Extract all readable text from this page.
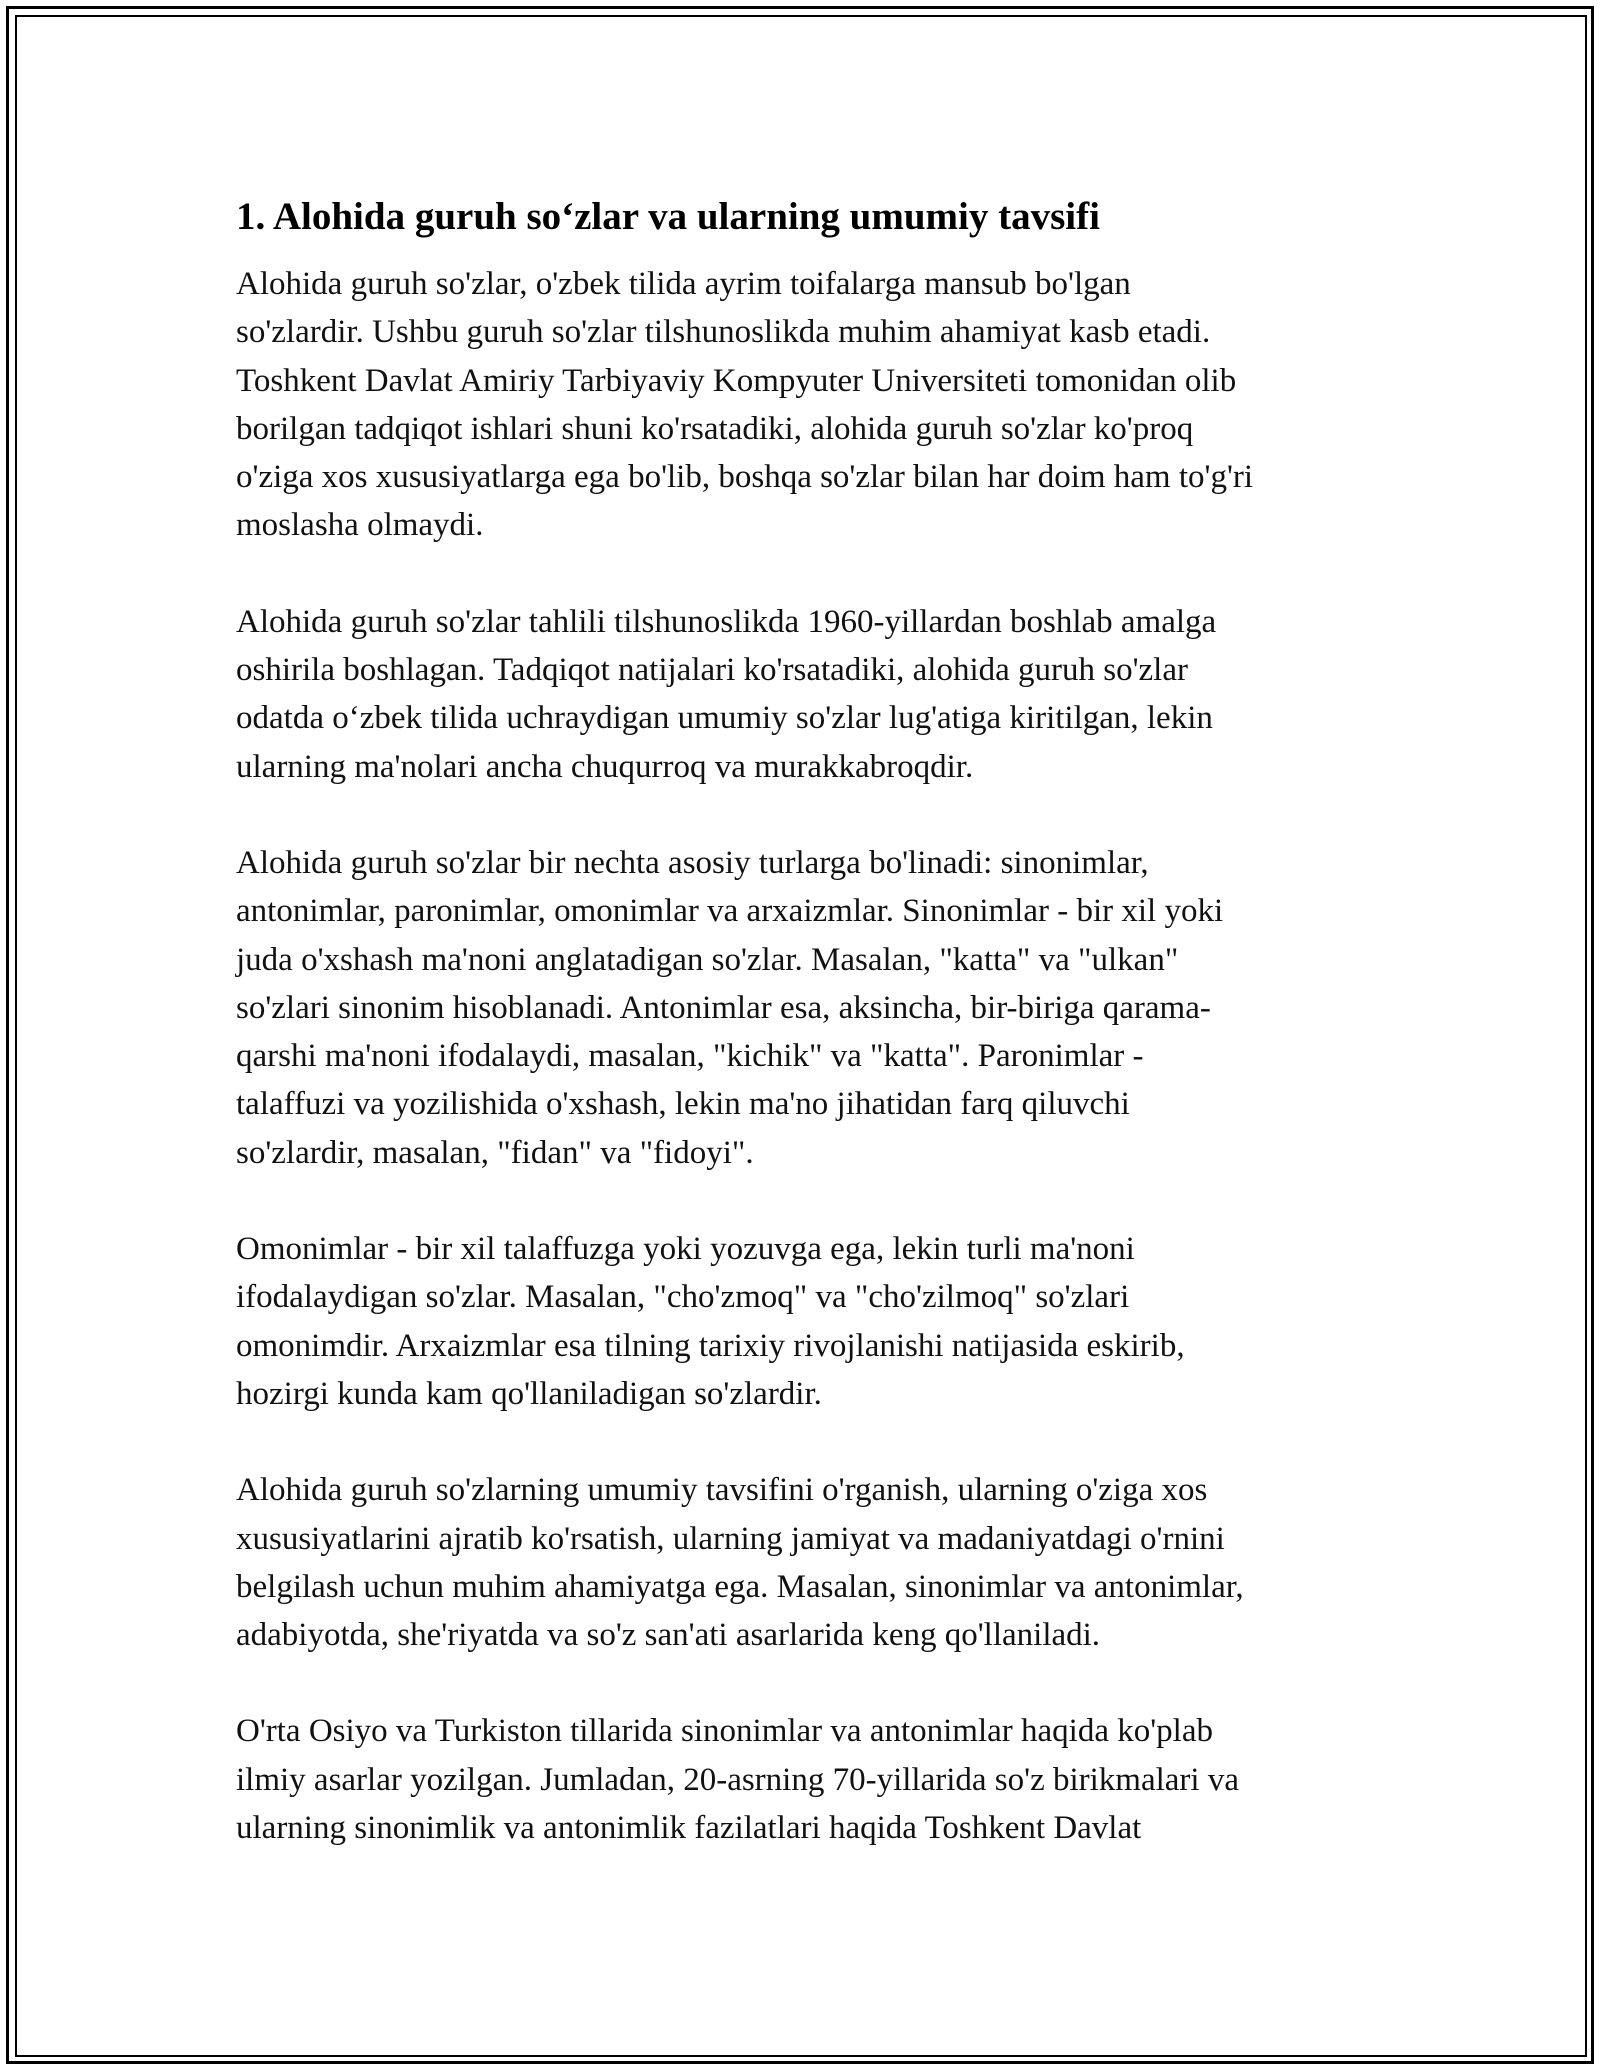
1. Alohida guruh so‘zlar va ularning umumiy tavsifi

Alohida guruh so'zlar, o'zbek tilida ayrim toifalarga mansub bo'lgan
so'zlardir. Ushbu guruh so'zlar tilshunoslikda muhim ahamiyat kasb etadi.
Toshkent Davlat Amiriy Tarbiyaviy Kompyuter Universiteti tomonidan olib
borilgan tadqiqot ishlari shuni ko'rsatadiki, alohida guruh so'zlar ko'proq
o'ziga xos xususiyatlarga ega bo'lib, boshqa so'zlar bilan har doim ham to'g'ri
moslasha olmaydi.

Alohida guruh so'zlar tahlili tilshunoslikda 1960-yillardan boshlab amalga
oshirila boshlagan. Tadqiqot natijalari ko'rsatadiki, alohida guruh so'zlar
odatda o‘zbek tilida uchraydigan umumiy so'zlar lug'atiga kiritilgan, lekin
ularning ma'nolari ancha chuqurroq va murakkabroqdir.

Alohida guruh so'zlar bir nechta asosiy turlarga bo'linadi: sinonimlar,
antonimlar, paronimlar, omonimlar va arxaizmlar. Sinonimlar - bir xil yoki
juda o'xshash ma'noni anglatadigan so'zlar. Masalan, "katta" va "ulkan"
so'zlari sinonim hisoblanadi. Antonimlar esa, aksincha, bir-biriga qarama-
qarshi ma'noni ifodalaydi, masalan, "kichik" va "katta". Paronimlar -
talaffuzi va yozilishida o'xshash, lekin ma'no jihatidan farq qiluvchi
so'zlardir, masalan, "fidan" va "fidoyi".

Omonimlar - bir xil talaffuzga yoki yozuvga ega, lekin turli ma'noni
ifodalaydigan so'zlar. Masalan, "cho'zmoq" va "cho'zilmoq" so'zlari
omonimdir. Arxaizmlar esa tilning tarixiy rivojlanishi natijasida eskirib,
hozirgi kunda kam qo'llaniladigan so'zlardir.

Alohida guruh so'zlarning umumiy tavsifini o'rganish, ularning o'ziga xos
xususiyatlarini ajratib ko'rsatish, ularning jamiyat va madaniyatdagi o'rnini
belgilash uchun muhim ahamiyatga ega. Masalan, sinonimlar va antonimlar,
adabiyotda, she'riyatda va so'z san'ati asarlarida keng qo'llaniladi.

O'rta Osiyo va Turkiston tillarida sinonimlar va antonimlar haqida ko'plab
ilmiy asarlar yozilgan. Jumladan, 20-asrning 70-yillarida so'z birikmalari va
ularning sinonimlik va antonimlik fazilatlari haqida Toshkent Davlat
